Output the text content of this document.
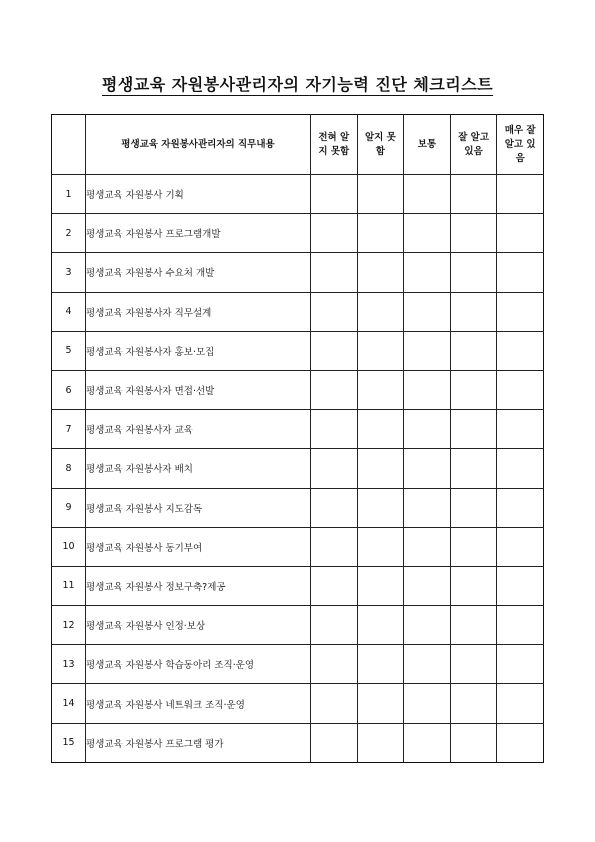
평생교육 자원봉사관리자의 자기능력 진단 체크리스트
	평생교육 자원봉사관리자의 직무내용	전혀 알지 못함	알지 못함	보통	잘 알고 있음	매우 잘 알고 있음
1	평생교육 자원봉사 기획					
2	평생교육 자원봉사 프로그램개발					
3	평생교육 자원봉사 수요처 개발					
4	평생교육 자원봉사자 직무설계					
5	평생교육 자원봉사자 홍보·모집					
6	평생교육 자원봉사자 면접·선발					
7	평생교육 자원봉사자 교육					
8	평생교육 자원봉사자 배치					
9	평생교육 자원봉사 지도감독					
10	평생교육 자원봉사 동기부여					
11	평생교육 자원봉사 정보구축?제공					
12	평생교육 자원봉사 인정·보상					
13	평생교육 자원봉사 학습동아리 조직·운영					
14	평생교육 자원봉사 네트워크 조직·운영					
15	평생교육 자원봉사 프로그램 평가					
